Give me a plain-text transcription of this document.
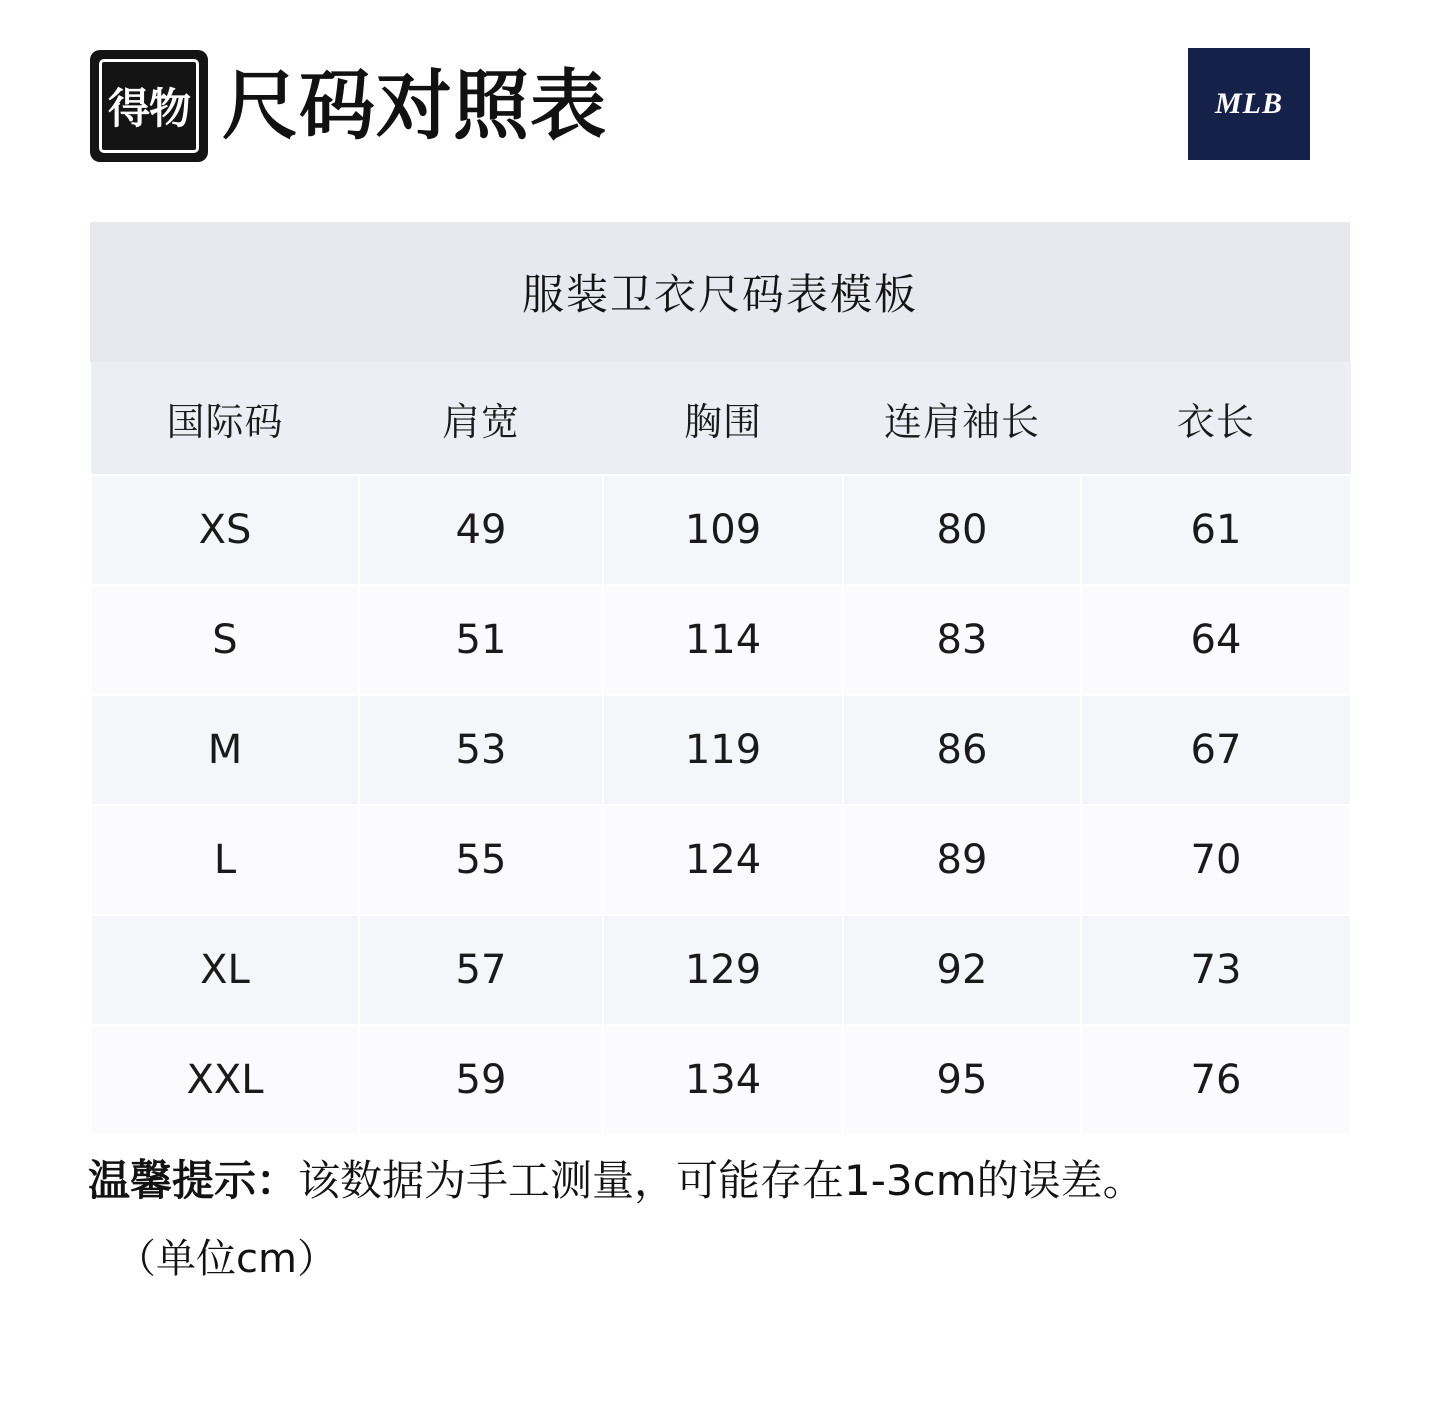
得物 尺码对照表	MLB
服装卫衣尺码表模板
国际码	肩宽	胸围	连肩袖长	衣长
XS	49	109	80	61
S	51	114	83	64
M	53	119	86	67
L	55	124	89	70
XL	57	129	92	73
XXL	59	134	95	76
温馨提示：该数据为手工测量，可能存在1-3cm的误差。
（单位cm）
